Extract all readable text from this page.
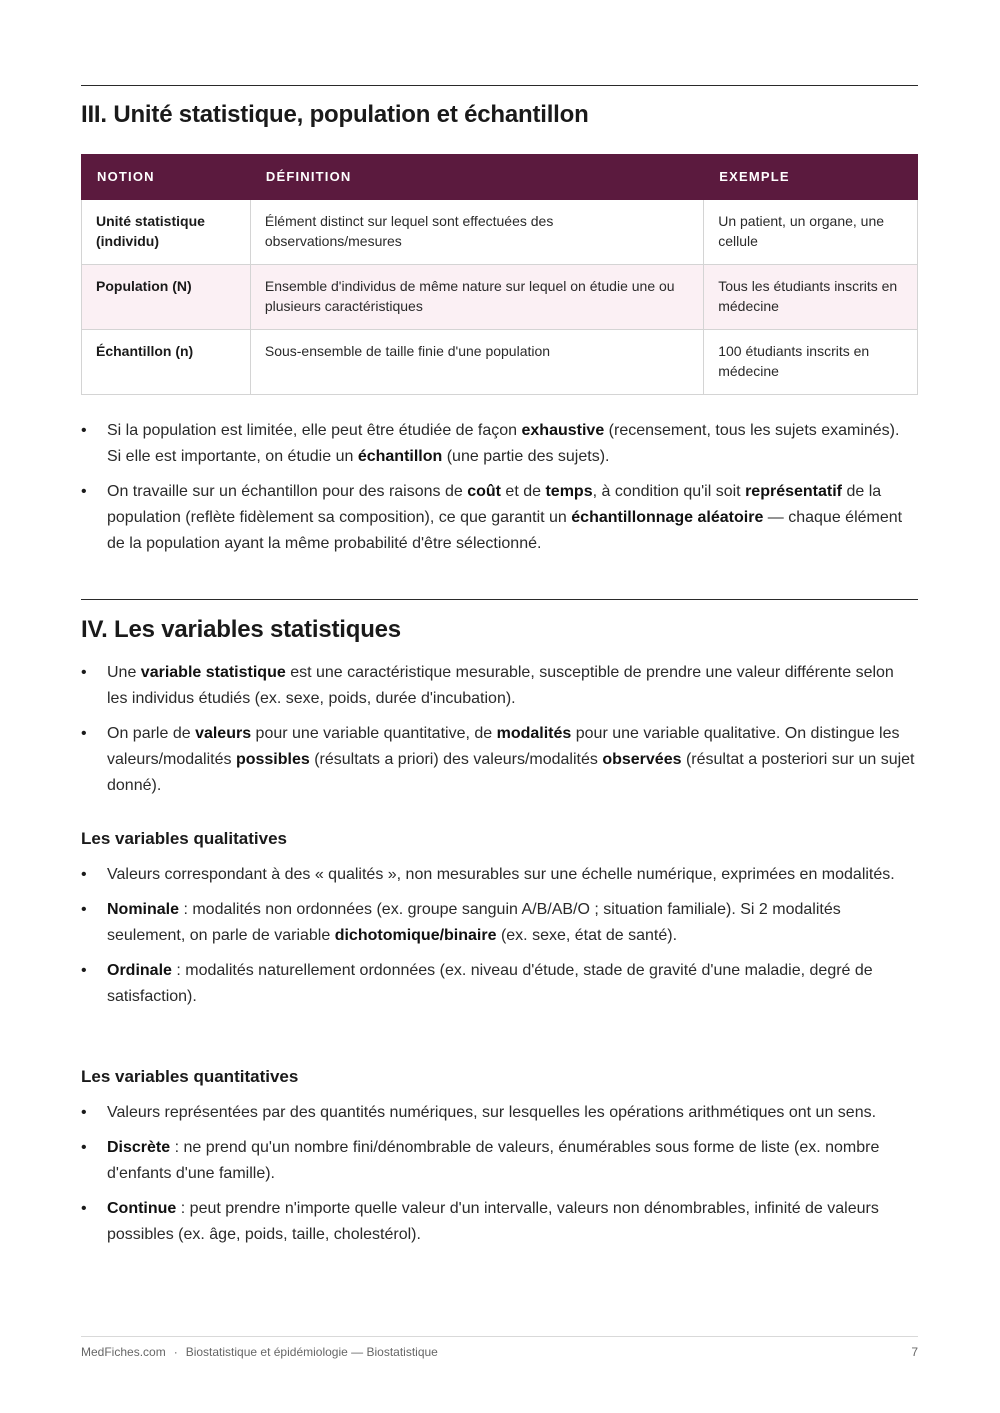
III. Unité statistique, population et échantillon
NOTION	DÉFINITION	EXEMPLE
Unité statistique (individu)	Élément distinct sur lequel sont effectuées des observations/mesures	Un patient, un organe, une cellule
Population (N)	Ensemble d'individus de même nature sur lequel on étudie une ou plusieurs caractéristiques	Tous les étudiants inscrits en médecine
Échantillon (n)	Sous-ensemble de taille finie d'une population	100 étudiants inscrits en médecine
• Si la population est limitée, elle peut être étudiée de façon exhaustive (recensement, tous les sujets examinés). Si elle est importante, on étudie un échantillon (une partie des sujets).
• On travaille sur un échantillon pour des raisons de coût et de temps, à condition qu'il soit représentatif de la population (reflète fidèlement sa composition), ce que garantit un échantillonnage aléatoire — chaque élément de la population ayant la même probabilité d'être sélectionné.
IV. Les variables statistiques
• Une variable statistique est une caractéristique mesurable, susceptible de prendre une valeur différente selon les individus étudiés (ex. sexe, poids, durée d'incubation).
• On parle de valeurs pour une variable quantitative, de modalités pour une variable qualitative. On distingue les valeurs/modalités possibles (résultats a priori) des valeurs/modalités observées (résultat a posteriori sur un sujet donné).
Les variables qualitatives
• Valeurs correspondant à des « qualités », non mesurables sur une échelle numérique, exprimées en modalités.
• Nominale : modalités non ordonnées (ex. groupe sanguin A/B/AB/O ; situation familiale). Si 2 modalités seulement, on parle de variable dichotomique/binaire (ex. sexe, état de santé).
• Ordinale : modalités naturellement ordonnées (ex. niveau d'étude, stade de gravité d'une maladie, degré de satisfaction).
Les variables quantitatives
• Valeurs représentées par des quantités numériques, sur lesquelles les opérations arithmétiques ont un sens.
• Discrète : ne prend qu'un nombre fini/dénombrable de valeurs, énumérables sous forme de liste (ex. nombre d'enfants d'une famille).
• Continue : peut prendre n'importe quelle valeur d'un intervalle, valeurs non dénombrables, infinité de valeurs possibles (ex. âge, poids, taille, cholestérol).
MedFiches.com · Biostatistique et épidémiologie — Biostatistique	7
